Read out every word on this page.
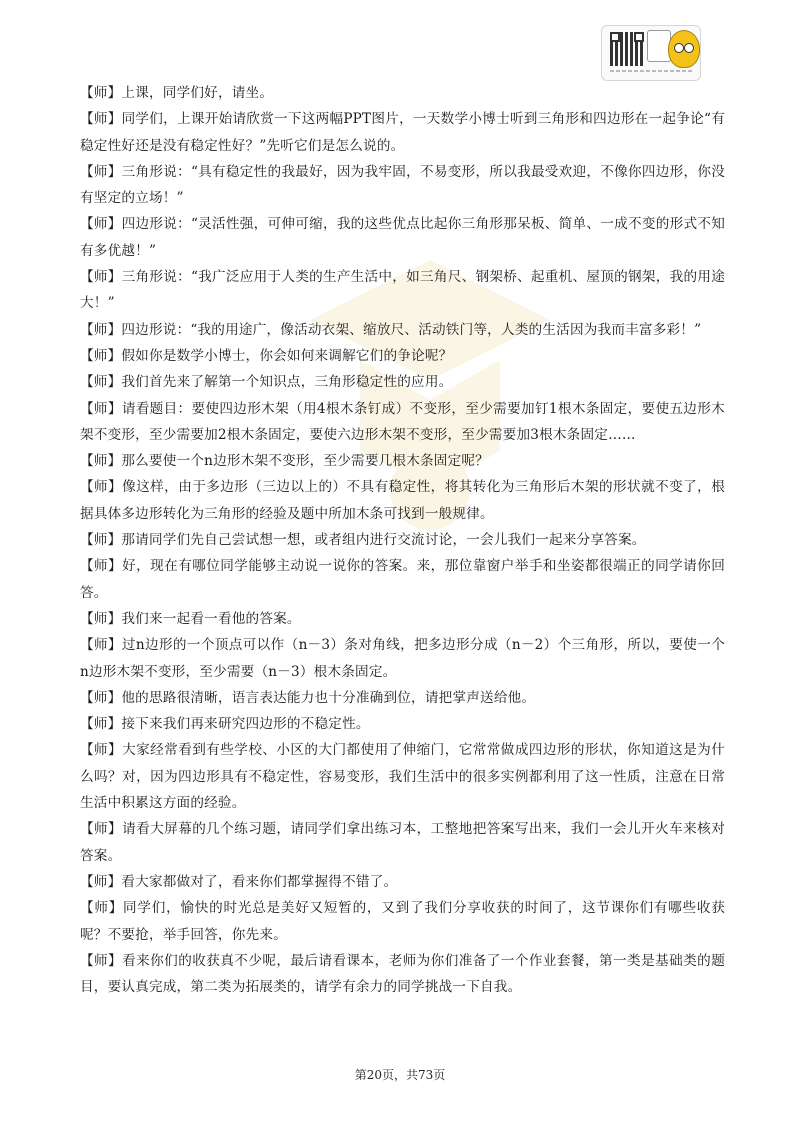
【师】上课，同学们好，请坐。

【师】同学们，上课开始请欣赏一下这两幅PPT图片，一天数学小博士听到三角形和四边形在一起争论“有稳定性好还是没有稳定性好？”先听它们是怎么说的。

【师】三角形说：“具有稳定性的我最好，因为我牢固，不易变形，所以我最受欢迎，不像你四边形，你没有坚定的立场！”

【师】四边形说：“灵活性强，可伸可缩，我的这些优点比起你三角形那呆板、简单、一成不变的形式不知有多优越！”

【师】三角形说：“我广泛应用于人类的生产生活中，如三角尺、钢架桥、起重机、屋顶的钢架，我的用途大！”

【师】四边形说：“我的用途广，像活动衣架、缩放尺、活动铁门等，人类的生活因为我而丰富多彩！”

【师】假如你是数学小博士，你会如何来调解它们的争论呢？

【师】我们首先来了解第一个知识点，三角形稳定性的应用。

【师】请看题目：要使四边形木架（用4根木条钉成）不变形，至少需要加钉1根木条固定，要使五边形木架不变形，至少需要加2根木条固定，要使六边形木架不变形，至少需要加3根木条固定……

【师】那么要使一个n边形木架不变形，至少需要几根木条固定呢？

【师】像这样，由于多边形（三边以上的）不具有稳定性，将其转化为三角形后木架的形状就不变了，根据具体多边形转化为三角形的经验及题中所加木条可找到一般规律。

【师】那请同学们先自己尝试想一想，或者组内进行交流讨论，一会儿我们一起来分享答案。

【师】好，现在有哪位同学能够主动说一说你的答案。来，那位靠窗户举手和坐姿都很端正的同学请你回答。

【师】我们来一起看一看他的答案。

【师】过n边形的一个顶点可以作（n－3）条对角线，把多边形分成（n－2）个三角形，所以，要使一个n边形木架不变形，至少需要（n－3）根木条固定。

【师】他的思路很清晰，语言表达能力也十分准确到位，请把掌声送给他。

【师】接下来我们再来研究四边形的不稳定性。

【师】大家经常看到有些学校、小区的大门都使用了伸缩门，它常常做成四边形的形状，你知道这是为什么吗？对，因为四边形具有不稳定性，容易变形，我们生活中的很多实例都利用了这一性质，注意在日常生活中积累这方面的经验。

【师】请看大屏幕的几个练习题，请同学们拿出练习本，工整地把答案写出来，我们一会儿开火车来核对答案。

【师】看大家都做对了，看来你们都掌握得不错了。

【师】同学们，愉快的时光总是美好又短暂的，又到了我们分享收获的时间了，这节课你们有哪些收获呢？不要抢，举手回答，你先来。

【师】看来你们的收获真不少呢，最后请看课本，老师为你们准备了一个作业套餐，第一类是基础类的题目，要认真完成，第二类为拓展类的，请学有余力的同学挑战一下自我。

第20页，共73页
